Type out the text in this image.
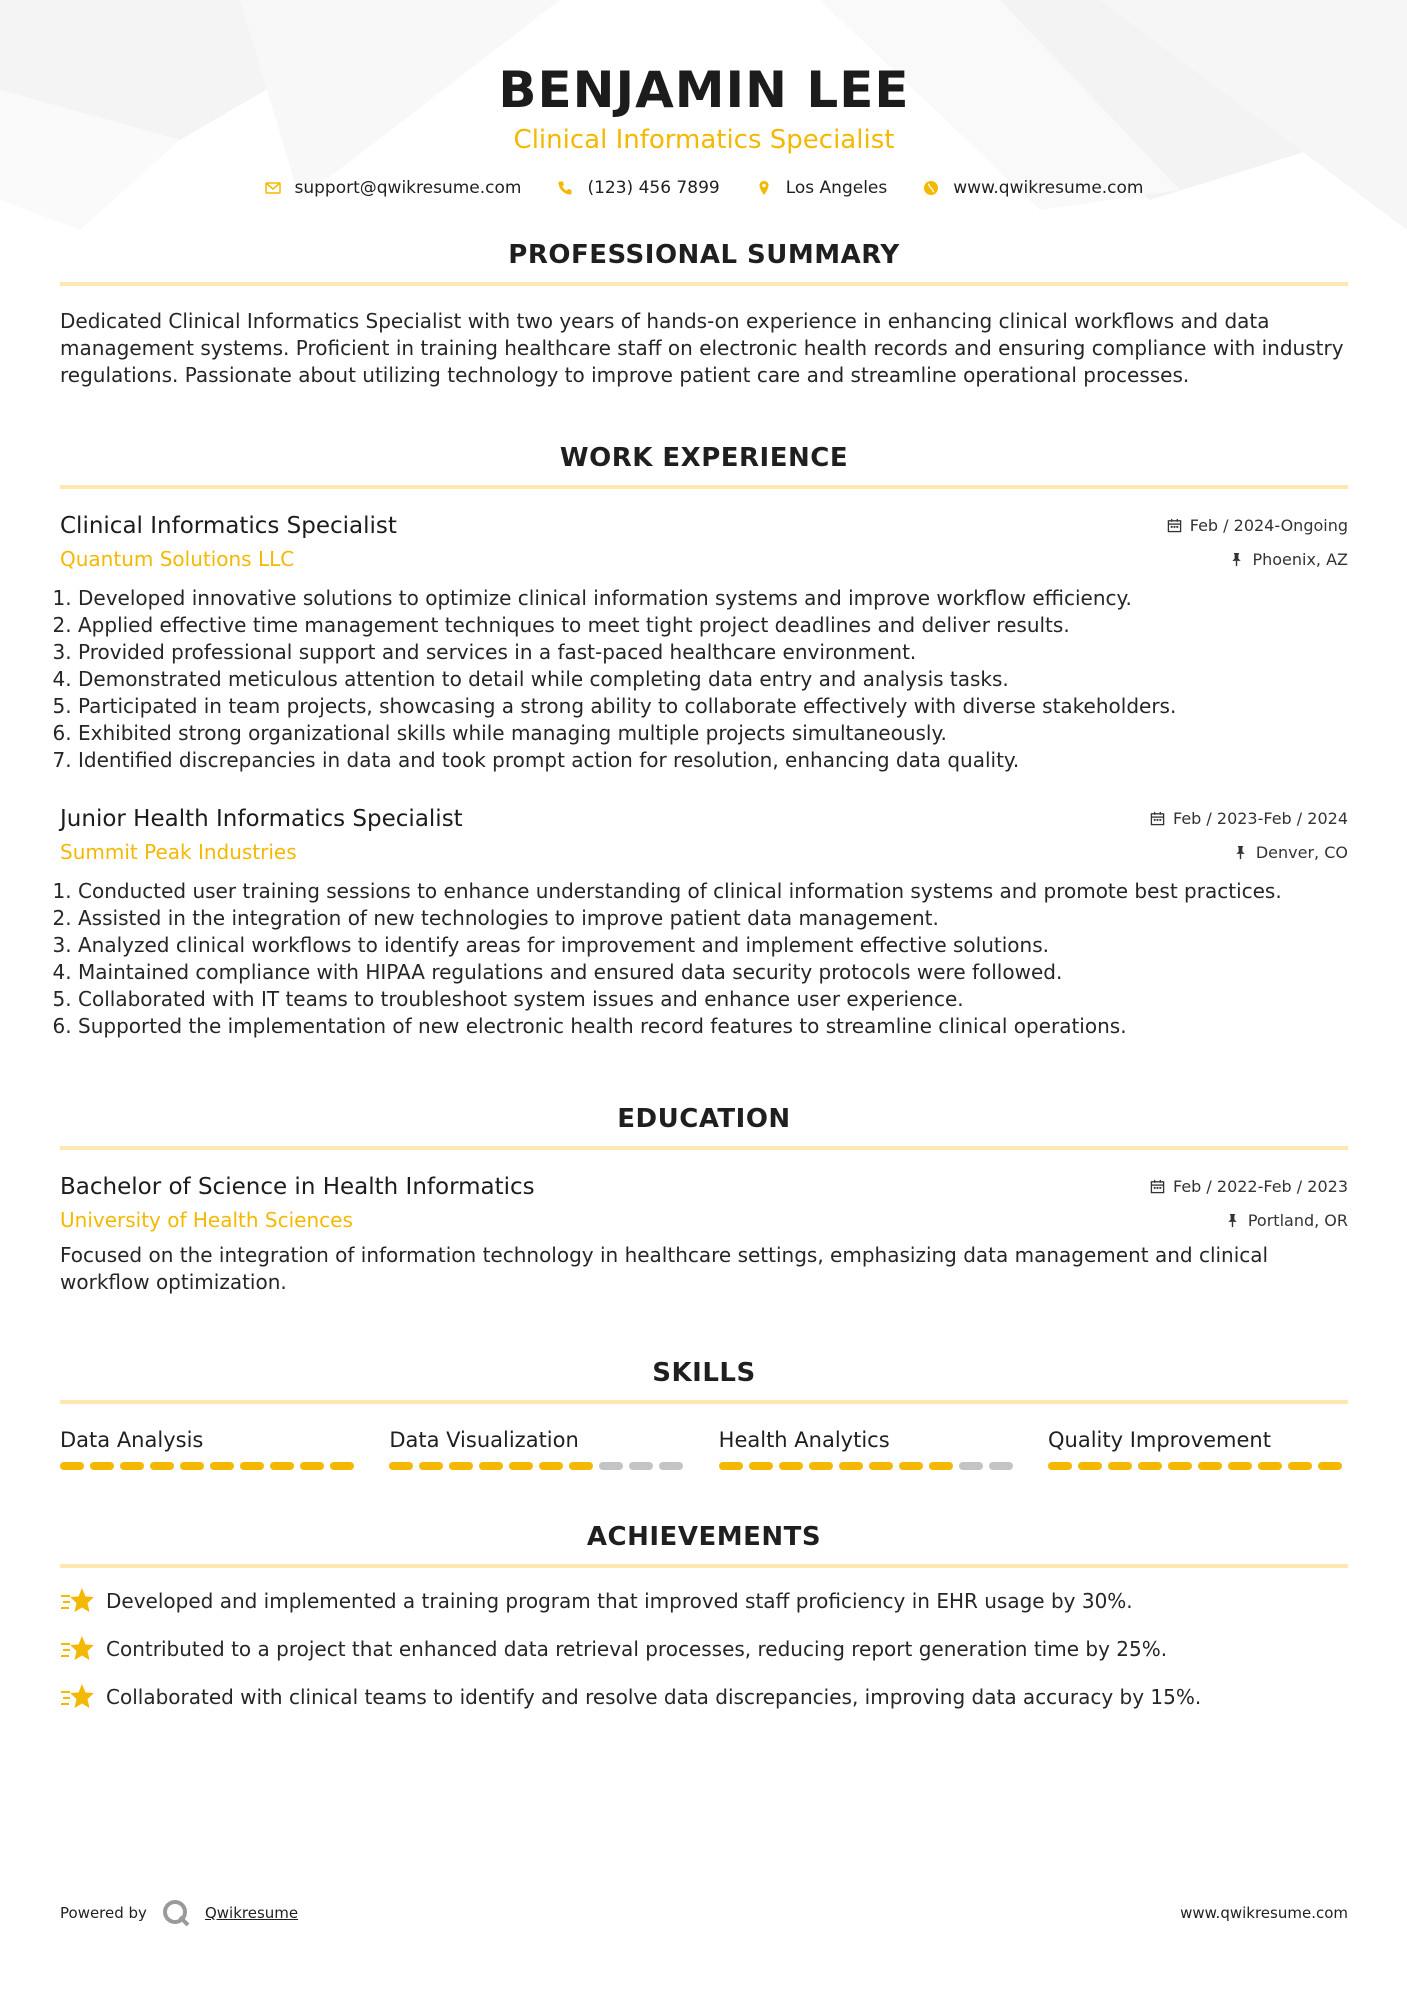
BENJAMIN LEE
Clinical Informatics Specialist
support@qwikresume.com	(123) 456 7899	Los Angeles	www.qwikresume.com
PROFESSIONAL SUMMARY
Dedicated Clinical Informatics Specialist with two years of hands-on experience in enhancing clinical workflows and data management systems. Proficient in training healthcare staff on electronic health records and ensuring compliance with industry regulations. Passionate about utilizing technology to improve patient care and streamline operational processes.
WORK EXPERIENCE
Clinical Informatics Specialist	Feb / 2024-Ongoing
Quantum Solutions LLC	Phoenix, AZ
1. Developed innovative solutions to optimize clinical information systems and improve workflow efficiency.
2. Applied effective time management techniques to meet tight project deadlines and deliver results.
3. Provided professional support and services in a fast-paced healthcare environment.
4. Demonstrated meticulous attention to detail while completing data entry and analysis tasks.
5. Participated in team projects, showcasing a strong ability to collaborate effectively with diverse stakeholders.
6. Exhibited strong organizational skills while managing multiple projects simultaneously.
7. Identified discrepancies in data and took prompt action for resolution, enhancing data quality.
Junior Health Informatics Specialist	Feb / 2023-Feb / 2024
Summit Peak Industries	Denver, CO
1. Conducted user training sessions to enhance understanding of clinical information systems and promote best practices.
2. Assisted in the integration of new technologies to improve patient data management.
3. Analyzed clinical workflows to identify areas for improvement and implement effective solutions.
4. Maintained compliance with HIPAA regulations and ensured data security protocols were followed.
5. Collaborated with IT teams to troubleshoot system issues and enhance user experience.
6. Supported the implementation of new electronic health record features to streamline clinical operations.
EDUCATION
Bachelor of Science in Health Informatics	Feb / 2022-Feb / 2023
University of Health Sciences	Portland, OR
Focused on the integration of information technology in healthcare settings, emphasizing data management and clinical workflow optimization.
SKILLS
Data Analysis	Data Visualization	Health Analytics	Quality Improvement
ACHIEVEMENTS
Developed and implemented a training program that improved staff proficiency in EHR usage by 30%.
Contributed to a project that enhanced data retrieval processes, reducing report generation time by 25%.
Collaborated with clinical teams to identify and resolve data discrepancies, improving data accuracy by 15%.
Powered by	Qwikresume	www.qwikresume.com
